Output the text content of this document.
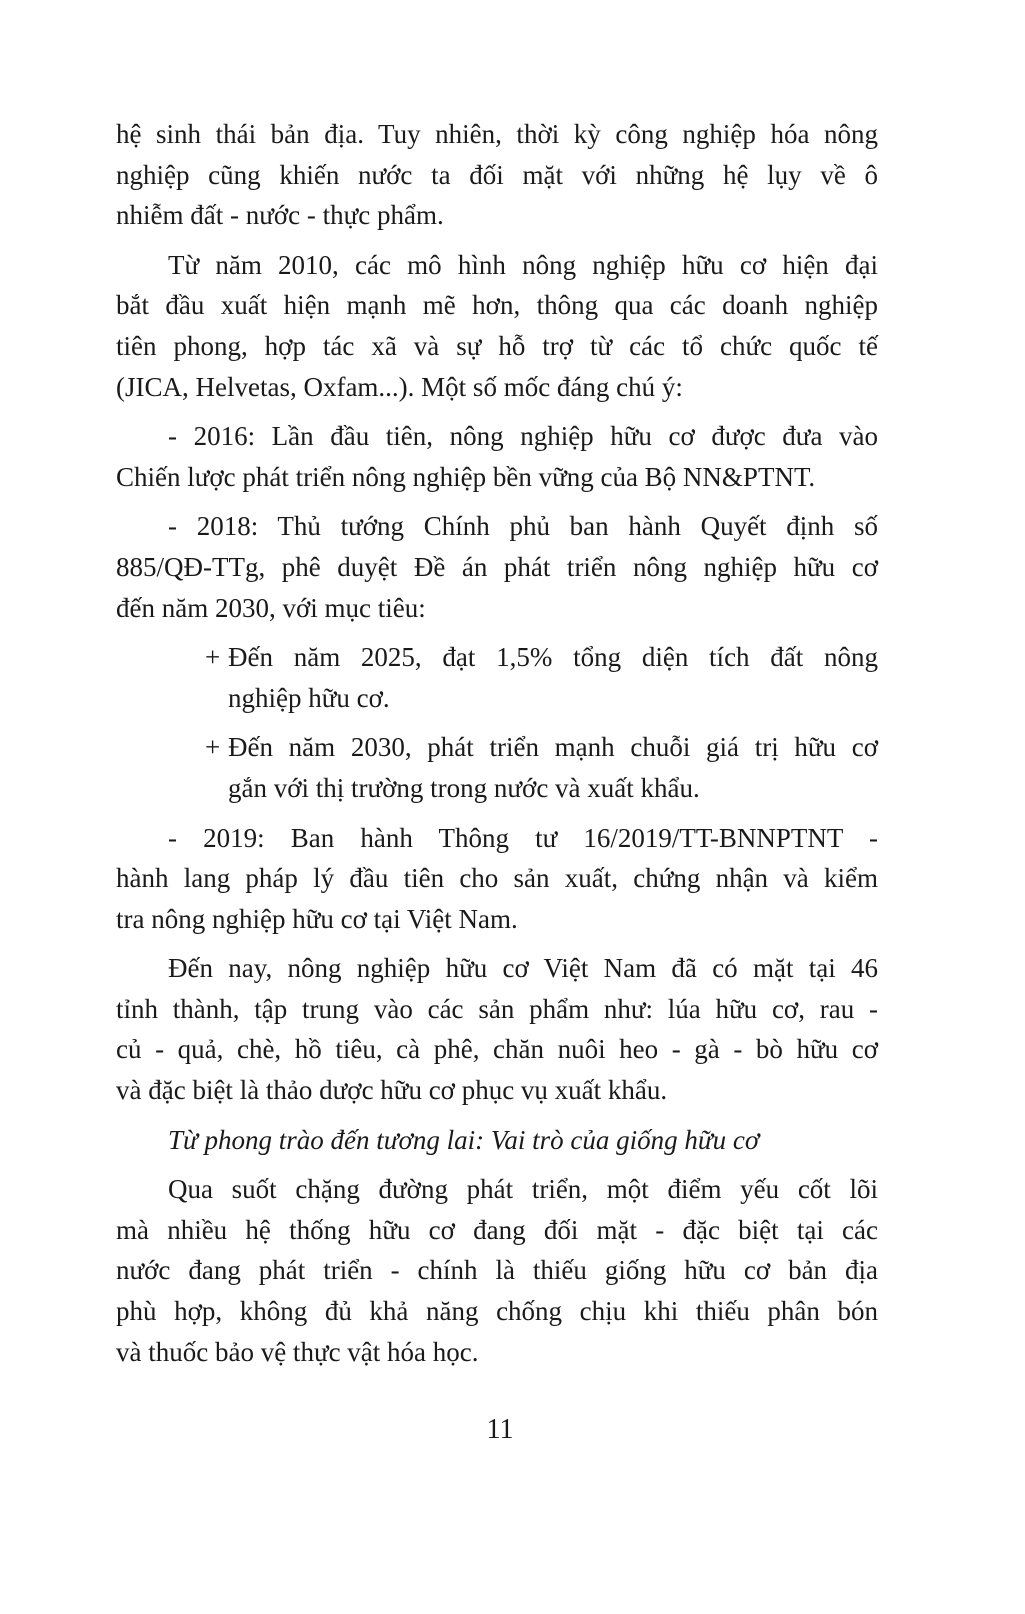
hệ sinh thái bản địa. Tuy nhiên, thời kỳ công nghiệp hóa nông
nghiệp cũng khiến nước ta đối mặt với những hệ lụy về ô
nhiễm đất - nước - thực phẩm.
Từ năm 2010, các mô hình nông nghiệp hữu cơ hiện đại
bắt đầu xuất hiện mạnh mẽ hơn, thông qua các doanh nghiệp
tiên phong, hợp tác xã và sự hỗ trợ từ các tổ chức quốc tế
(JICA, Helvetas, Oxfam...). Một số mốc đáng chú ý:
- 2016: Lần đầu tiên, nông nghiệp hữu cơ được đưa vào
Chiến lược phát triển nông nghiệp bền vững của Bộ NN&PTNT.
- 2018: Thủ tướng Chính phủ ban hành Quyết định số
885/QĐ-TTg, phê duyệt Đề án phát triển nông nghiệp hữu cơ
đến năm 2030, với mục tiêu:
+ Đến năm 2025, đạt 1,5% tổng diện tích đất nông
nghiệp hữu cơ.
+ Đến năm 2030, phát triển mạnh chuỗi giá trị hữu cơ
gắn với thị trường trong nước và xuất khẩu.
- 2019: Ban hành Thông tư 16/2019/TT-BNNPTNT -
hành lang pháp lý đầu tiên cho sản xuất, chứng nhận và kiểm
tra nông nghiệp hữu cơ tại Việt Nam.
Đến nay, nông nghiệp hữu cơ Việt Nam đã có mặt tại 46
tỉnh thành, tập trung vào các sản phẩm như: lúa hữu cơ, rau -
củ - quả, chè, hồ tiêu, cà phê, chăn nuôi heo - gà - bò hữu cơ
và đặc biệt là thảo dược hữu cơ phục vụ xuất khẩu.
Từ phong trào đến tương lai: Vai trò của giống hữu cơ
Qua suốt chặng đường phát triển, một điểm yếu cốt lõi
mà nhiều hệ thống hữu cơ đang đối mặt - đặc biệt tại các
nước đang phát triển - chính là thiếu giống hữu cơ bản địa
phù hợp, không đủ khả năng chống chịu khi thiếu phân bón
và thuốc bảo vệ thực vật hóa học.
11
